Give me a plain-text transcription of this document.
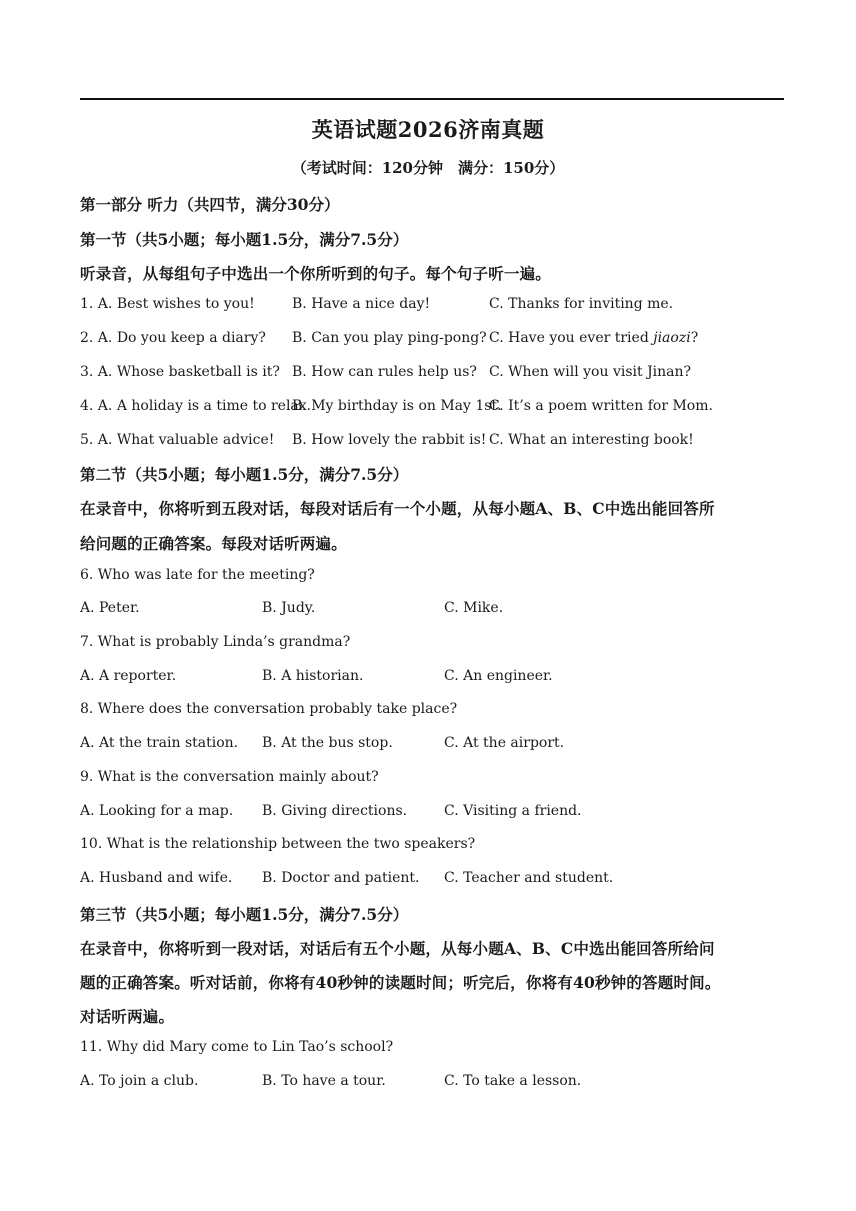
英语试题2026济南真题
（考试时间：120分钟　满分：150分）
第一部分 听力（共四节，满分30分）
第一节（共5小题；每小题1.5分，满分7.5分）
听录音，从每组句子中选出一个你所听到的句子。每个句子听一遍。
1. A. Best wishes to you!	B. Have a nice day!	C. Thanks for inviting me.
2. A. Do you keep a diary? B. Can you play ping-pong? C. Have you ever tried jiaozi?
3. A. Whose basketball is it? B. How can rules help us? C. When will you visit Jinan?
4. A. A holiday is a time to relax.
B. My birthday is on May 1st.
C. It’s a poem written for Mom.
5. A. What valuable advice! B. How lovely the rabbit is! C. What an interesting book!
第二节（共5小题；每小题1.5分，满分7.5分）
在录音中，你将听到五段对话，每段对话后有一个小题，从每小题A、B、C中选出能回答所
给问题的正确答案。每段对话听两遍。
6. Who was late for the meeting?
A. Peter.	B. Judy.	C. Mike.
7. What is probably Linda’s grandma?
A. A reporter.	B. A historian.	C. An engineer.
8. Where does the conversation probably take place?
A. At the train station. B. At the bus stop.	C. At the airport.
9. What is the conversation mainly about?
A. Looking for a map. B. Giving directions.	C. Visiting a friend.
10. What is the relationship between the two speakers?
A. Husband and wife. B. Doctor and patient. C. Teacher and student.
第三节（共5小题；每小题1.5分，满分7.5分）
在录音中，你将听到一段对话，对话后有五个小题，从每小题A、B、C中选出能回答所给问
题的正确答案。听对话前，你将有40秒钟的读题时间；听完后，你将有40秒钟的答题时间。
对话听两遍。
11. Why did Mary come to Lin Tao’s school?
A. To join a club.	B. To have a tour.	C. To take a lesson.
